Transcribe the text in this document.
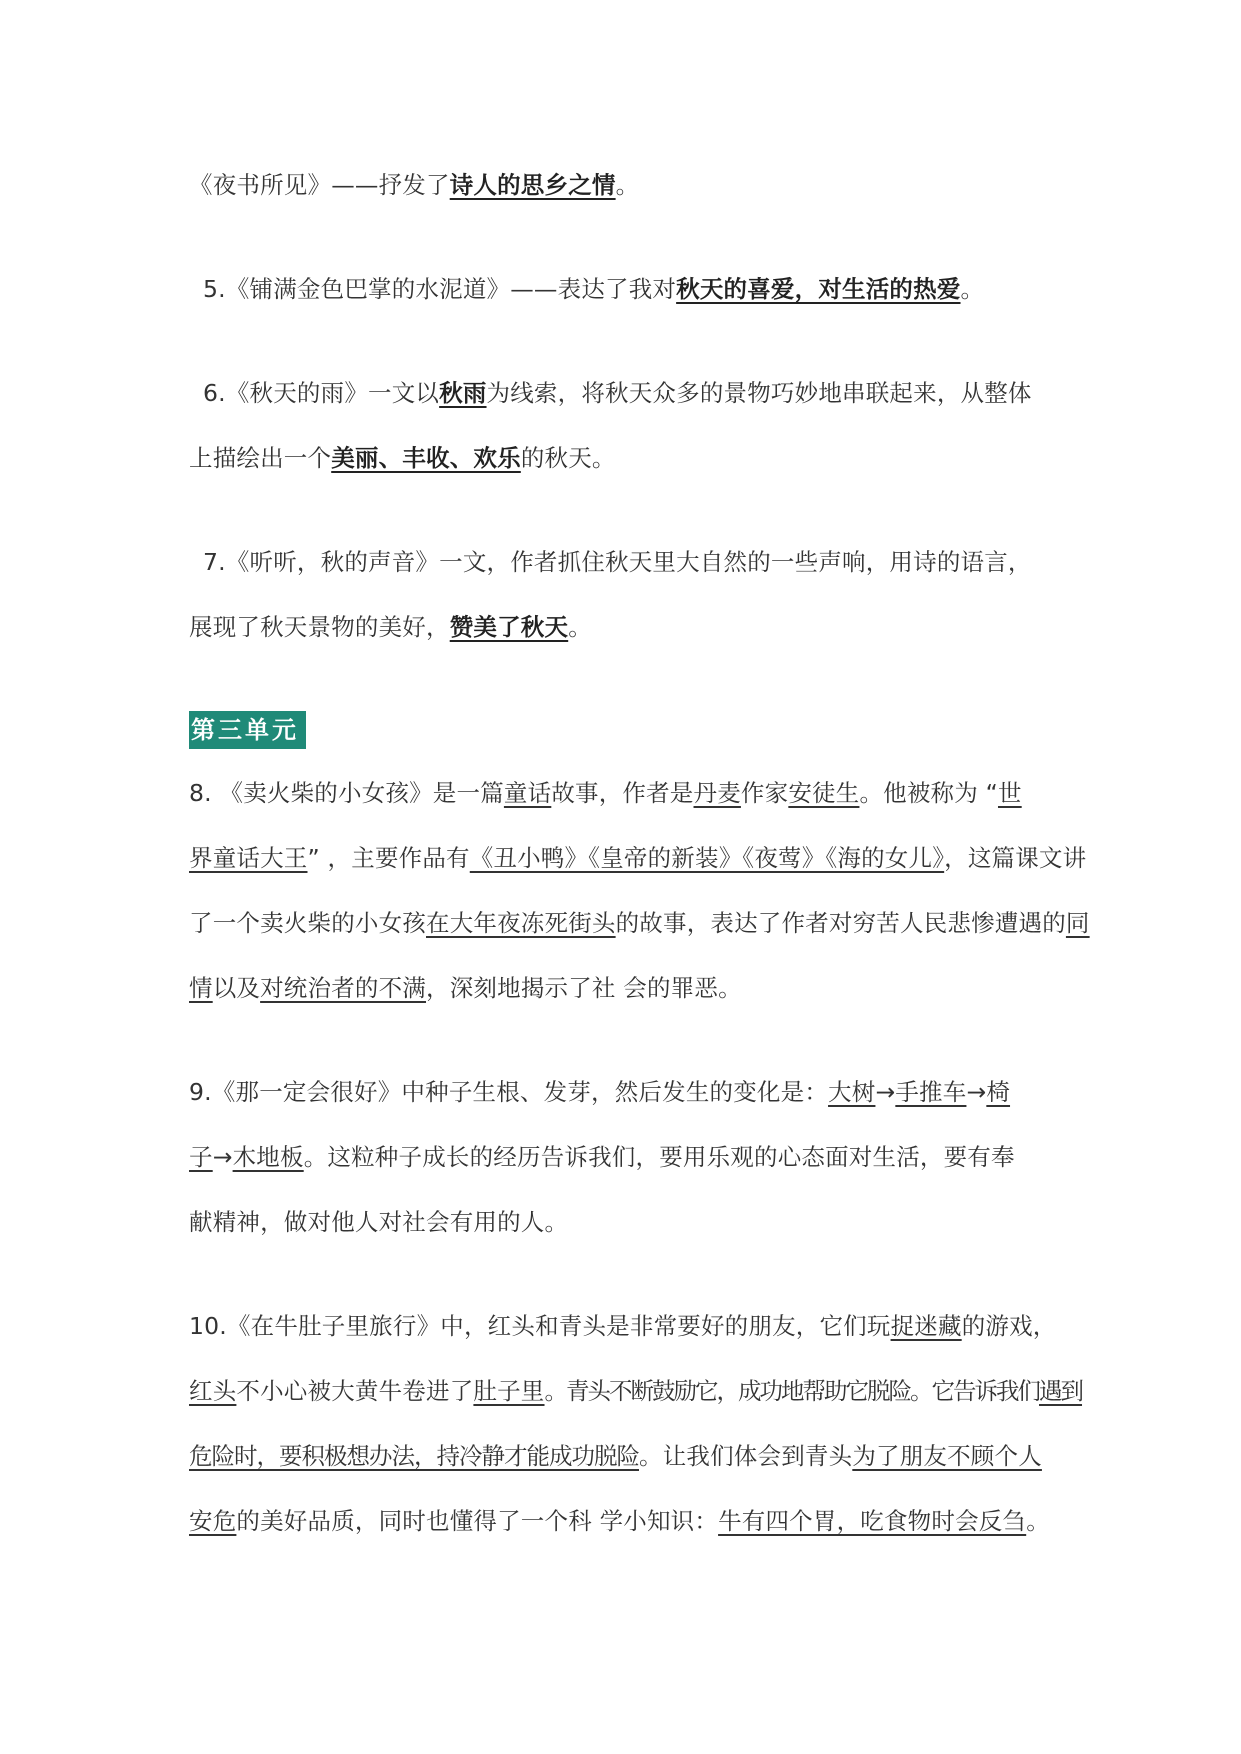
《夜书所见》——抒发了诗人的思乡之情。
5.《铺满金色巴掌的水泥道》——表达了我对秋天的喜爱，对生活的热爱。
6.《秋天的雨》一文以秋雨为线索，将秋天众多的景物巧妙地串联起来，从整体
上描绘出一个美丽、丰收、欢乐的秋天。
7.《听听，秋的声音》一文，作者抓住秋天里大自然的一些声响，用诗的语言，
展现了秋天景物的美好，赞美了秋天。
第三单元
8. 《卖火柴的小女孩》是一篇童话故事，作者是丹麦作家安徒生。他被称为 “世
界童话大王” ，主要作品有《丑小鸭》《皇帝的新装》《夜莺》《海的女儿》，这篇课文讲
了一个卖火柴的小女孩在大年夜冻死街头的故事，表达了作者对穷苦人民悲惨遭遇的同
情以及对统治者的不满，深刻地揭示了社 会的罪恶。
9.《那一定会很好》中种子生根、发芽，然后发生的变化是：大树→手推车→椅
子→木地板。这粒种子成长的经历告诉我们，要用乐观的心态面对生活，要有奉
献精神，做对他人对社会有用的人。
10.《在牛肚子里旅行》中，红头和青头是非常要好的朋友，它们玩捉迷藏的游戏，
红头不小心被大黄牛卷进了肚子里。青头不断鼓励它，成功地帮助它脱险。它告诉我们遇到
危险时，要积极想办法，持冷静才能成功脱险。让我们体会到青头为了朋友不顾个人
安危的美好品质，同时也懂得了一个科 学小知识：牛有四个胃，吃食物时会反刍。
